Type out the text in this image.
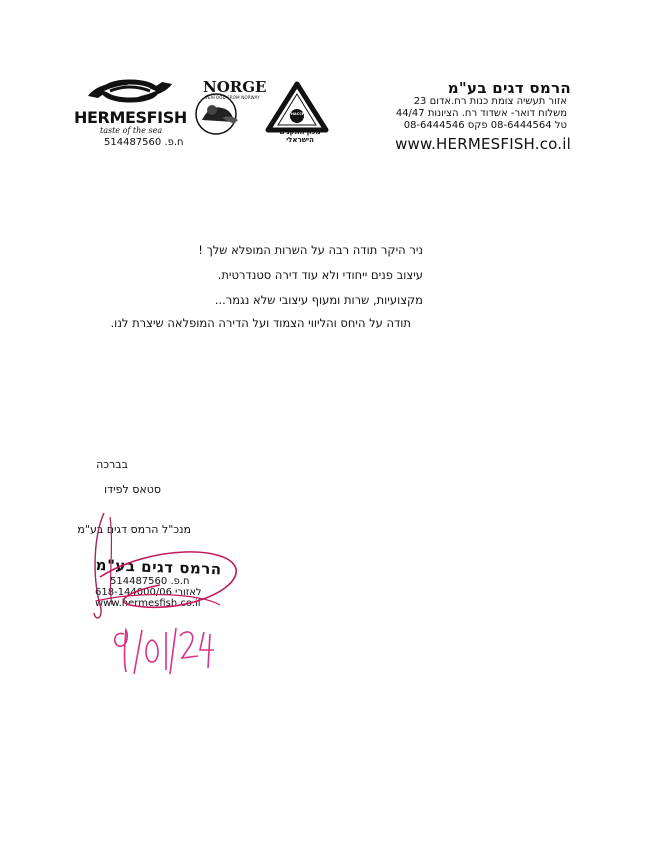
HERMESFISH
taste of the sea
ח.פ. 514487560
NORGE
SEAFOOD FROM NORWAY
HACCP
מכון התקנים הישראלי
הרמס דגים בע"מ
אזור תעשיה צומת כנות רח.אדום 23
משלוח דואר- אשדוד רח. הציונות 44/47
טל 08-6444564 פקס 08-6444546
www.HERMESFISH.co.il
ניר היקר תודה רבה על השרות המופלא שלך !
עיצוב פנים ייחודי ולא עוד דירה סטנדרטית.
מקצועיות, שרות ומעוף עיצובי שלא נגמר...
תודה על היחס והליווי הצמוד ועל הדירה המופלאה שיצרת לנו.
בברכה
סטאס לפידו
מנכ"ל הרמס דגים בע"מ
הרמס דגים בע"מ
ח.פ. 514487560
618-144000/06 לאזורי
www.hermesfish.co.il
